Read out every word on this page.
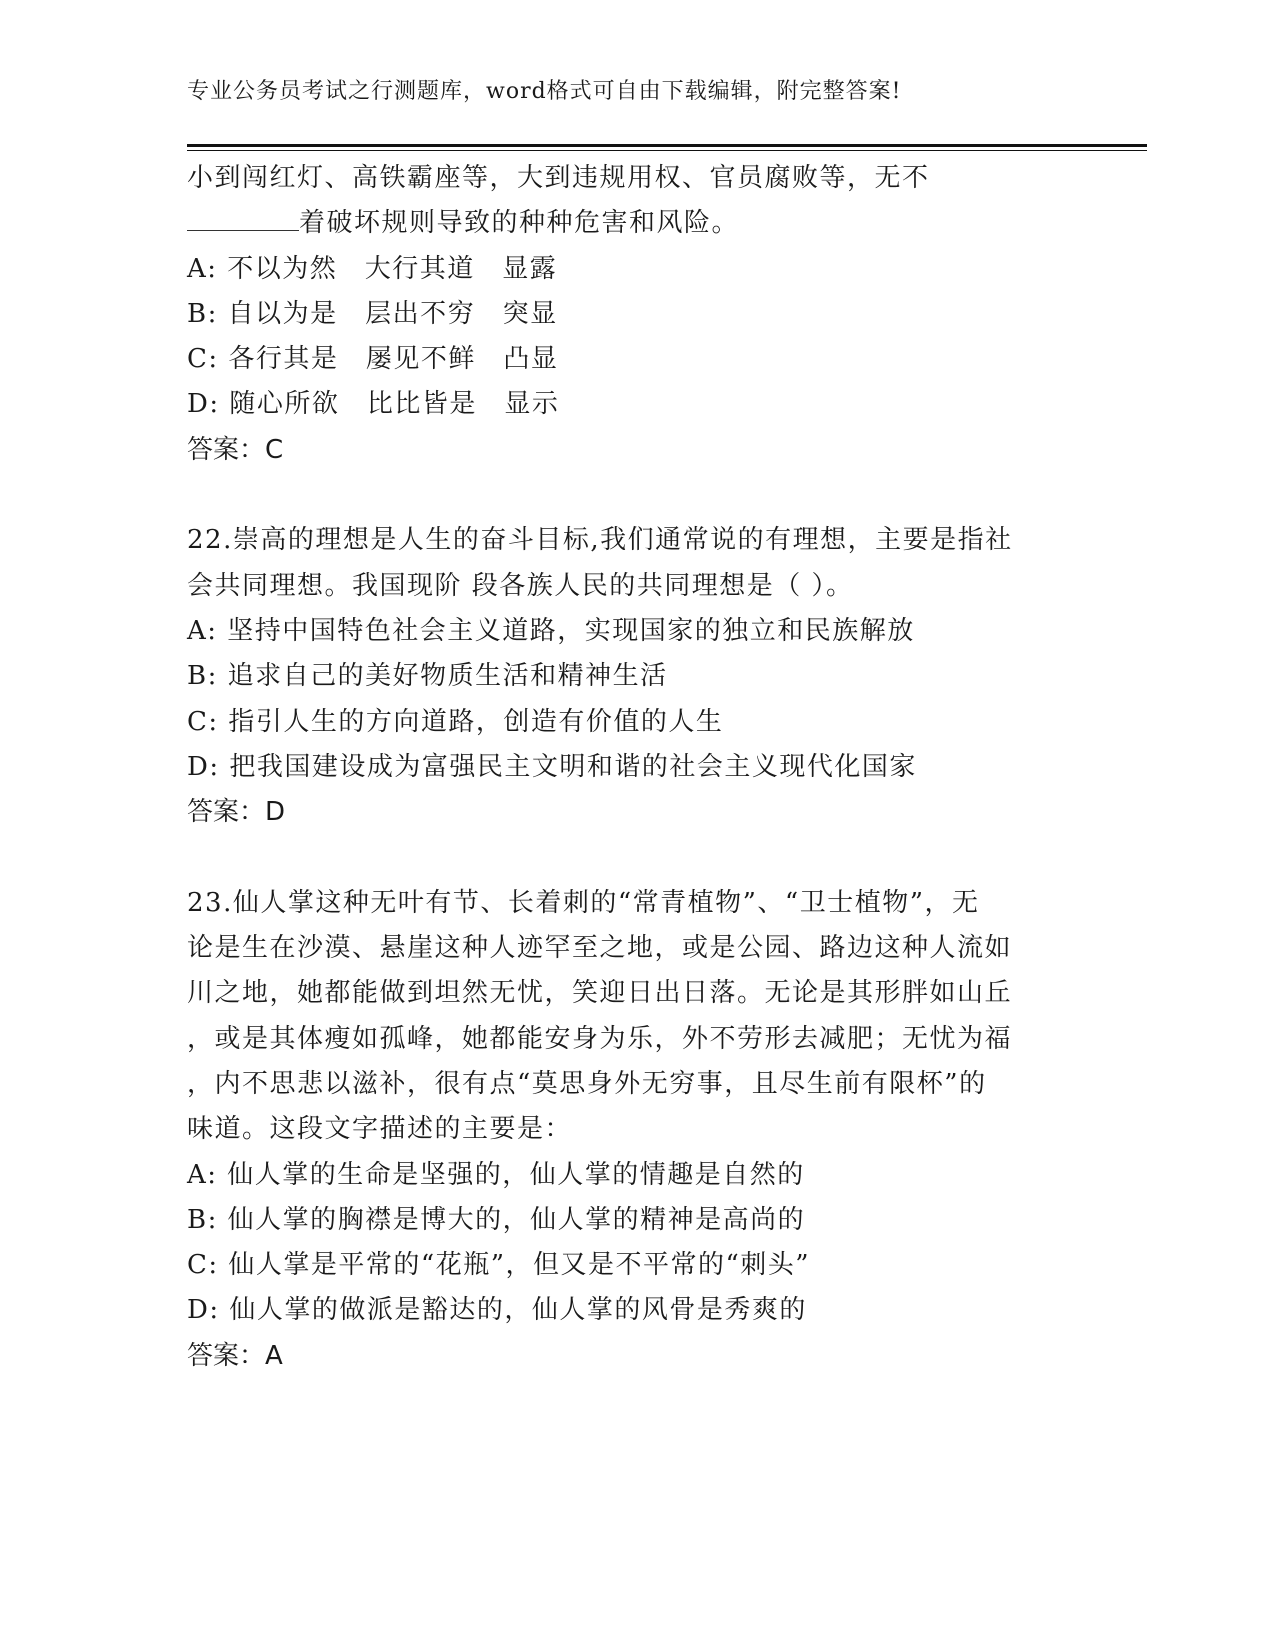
专业公务员考试之行测题库，word格式可自由下载编辑，附完整答案!
小到闯红灯、高铁霸座等，大到违规用权、官员腐败等，无不
着破坏规则导致的种种危害和风险。
A: 不以为然　大行其道　显露
B: 自以为是　层出不穷　突显
C: 各行其是　屡见不鲜　凸显
D: 随心所欲　比比皆是　显示
答案：C
22.崇高的理想是人生的奋斗目标,我们通常说的有理想，主要是指社
会共同理想。我国现阶 段各族人民的共同理想是（ ）。
A: 坚持中国特色社会主义道路，实现国家的独立和民族解放
B: 追求自己的美好物质生活和精神生活
C: 指引人生的方向道路，创造有价值的人生
D: 把我国建设成为富强民主文明和谐的社会主义现代化国家
答案：D
23.仙人掌这种无叶有节、长着刺的“常青植物”、“卫士植物”，无
论是生在沙漠、悬崖这种人迹罕至之地，或是公园、路边这种人流如
川之地，她都能做到坦然无忧，笑迎日出日落。无论是其形胖如山丘
，或是其体瘦如孤峰，她都能安身为乐，外不劳形去减肥；无忧为福
，内不思悲以滋补，很有点“莫思身外无穷事，且尽生前有限杯”的
味道。这段文字描述的主要是：
A: 仙人掌的生命是坚强的，仙人掌的情趣是自然的
B: 仙人掌的胸襟是博大的，仙人掌的精神是高尚的
C: 仙人掌是平常的“花瓶”，但又是不平常的“刺头”
D: 仙人掌的做派是豁达的，仙人掌的风骨是秀爽的
答案：A
